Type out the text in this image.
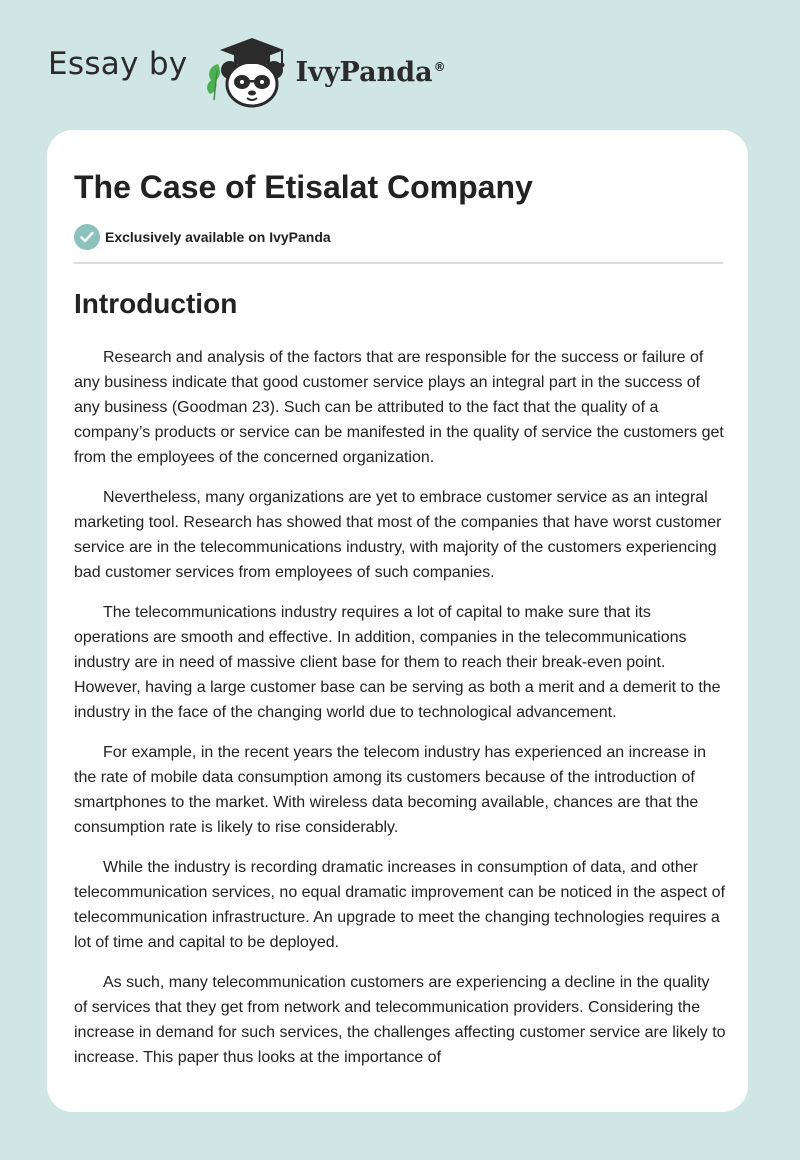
Essay by	IvyPanda®
The Case of Etisalat Company
Exclusively available on IvyPanda
Introduction

Research and analysis of the factors that are responsible for the success or failure of any business indicate that good customer service plays an integral part in the success of any business (Goodman 23). Such can be attributed to the fact that the quality of a company’s products or service can be manifested in the quality of service the customers get from the employees of the concerned organization.

Nevertheless, many organizations are yet to embrace customer service as an integral marketing tool. Research has showed that most of the companies that have worst customer service are in the telecommunications industry, with majority of the customers experiencing bad customer services from employees of such companies.

The telecommunications industry requires a lot of capital to make sure that its operations are smooth and effective. In addition, companies in the telecommunications industry are in need of massive client base for them to reach their break-even point. However, having a large customer base can be serving as both a merit and a demerit to the industry in the face of the changing world due to technological advancement.

For example, in the recent years the telecom industry has experienced an increase in the rate of mobile data consumption among its customers because of the introduction of smartphones to the market. With wireless data becoming available, chances are that the consumption rate is likely to rise considerably.

While the industry is recording dramatic increases in consumption of data, and other telecommunication services, no equal dramatic improvement can be noticed in the aspect of telecommunication infrastructure. An upgrade to meet the changing technologies requires a lot of time and capital to be deployed.

As such, many telecommunication customers are experiencing a decline in the quality of services that they get from network and telecommunication providers. Considering the increase in demand for such services, the challenges affecting customer service are likely to increase. This paper thus looks at the importance of
